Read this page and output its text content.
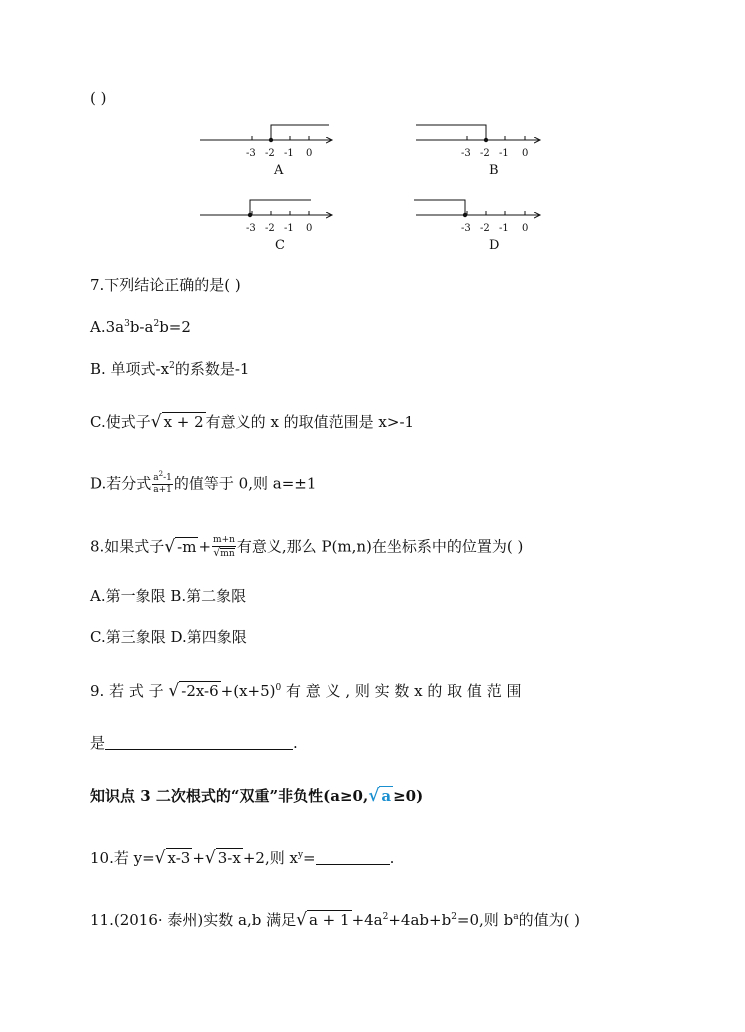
( )
-3 -2 -1 0
A
-3 -2 -1 0
B
-3 -2 -1 0
C
-3 -2 -1 0
D
7.下列结论正确的是( )
$A.3a^3b-a^2b=2$
B. 单项式$-x^2$的系数是-1
C.使式子√ x + 2 有意义的 x 的取值范围是 x>-1
D.若分式 $\frac{a^2-1}{a+1}$ 的值等于 0,则 a=±1
8.如果式子√ $-m + \frac{m+n}{√mn}$ 有意义,那么 P(m,n)在坐标系中的位置为( )
A.第一象限 B.第二象限
C.第三象限 D.第四象限
9. 若 式 子 √ $-2x-6 +(x+5)^0$ 有 意 义 , 则 实 数 x 的 取 值 范 围
是	.
知识点 3 二次根式的“双重”非负性(a≥0,√ a ≥0)
10.若 y=√ x-3 +√ 3-x +2,则 $x^y=$	.
11.(2016· 泰州)实数 a,b 满足√ $a + 1 +4a^2+4ab+b^2=0$,则 $b^a$的值为( )
